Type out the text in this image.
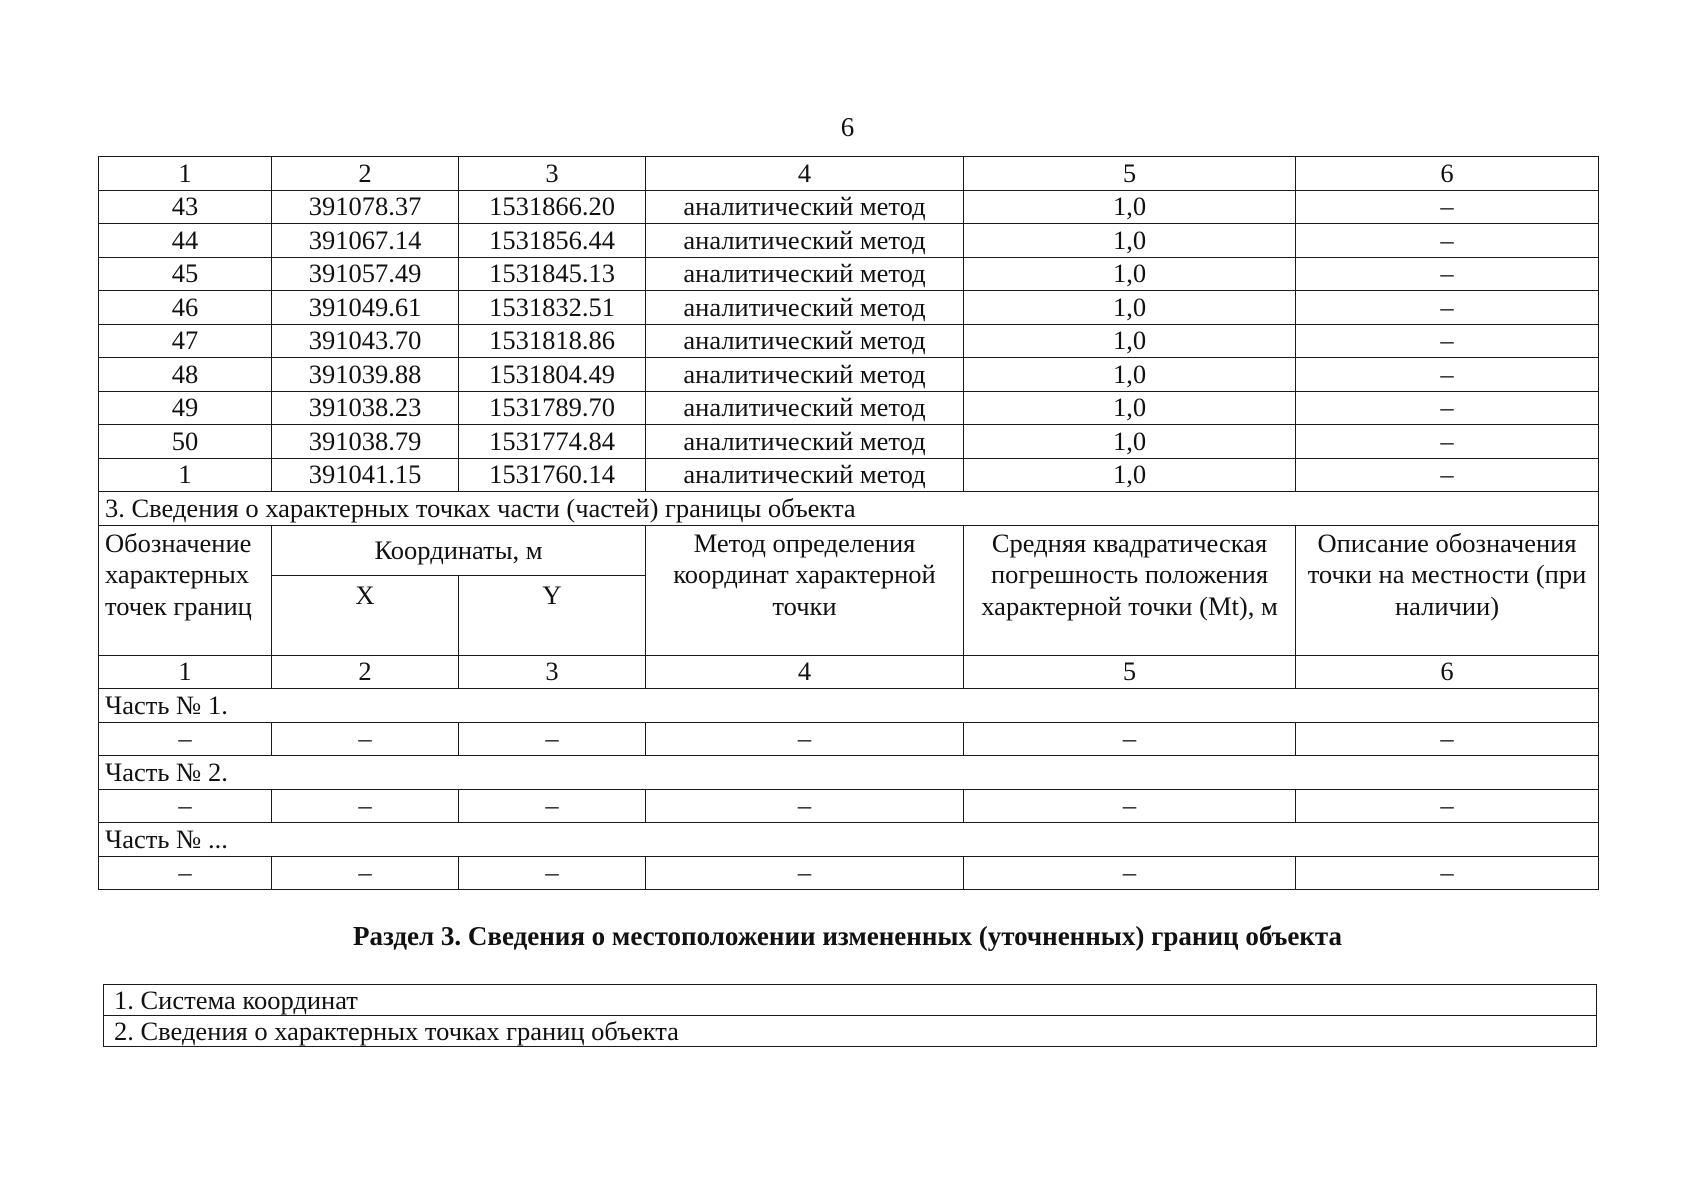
6
1	2	3	4	5	6
43	391078.37	1531866.20	аналитический метод	1,0	–
44	391067.14	1531856.44	аналитический метод	1,0	–
45	391057.49	1531845.13	аналитический метод	1,0	–
46	391049.61	1531832.51	аналитический метод	1,0	–
47	391043.70	1531818.86	аналитический метод	1,0	–
48	391039.88	1531804.49	аналитический метод	1,0	–
49	391038.23	1531789.70	аналитический метод	1,0	–
50	391038.79	1531774.84	аналитический метод	1,0	–
1	391041.15	1531760.14	аналитический метод	1,0	–
3. Сведения о характерных точках части (частей) границы объекта					
Обозначение характерных точек границ	Координаты, м		Метод определения координат характерной точки	Средняя квадратическая погрешность положения характерной точки (Mt), м	Описание обозначения точки на местности (при наличии)
	X	Y			
1	2	3	4	5	6
Часть № 1.					
–	–	–	–	–	–
Часть № 2.					
–	–	–	–	–	–
Часть № ...					
–	–	–	–	–	–
Раздел 3. Сведения о местоположении измененных (уточненных) границ объекта
1. Система координат
2. Сведения о характерных точках границ объекта
